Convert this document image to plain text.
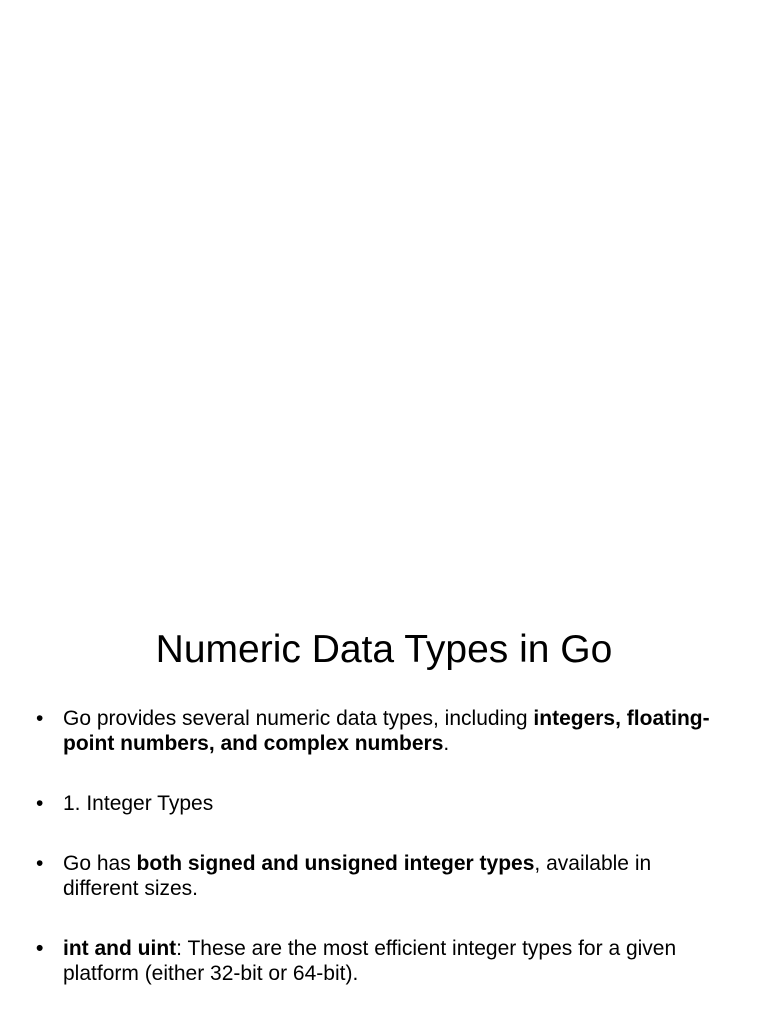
Numeric Data Types in Go
• Go provides several numeric data types, including integers, floating-point numbers, and complex numbers.
• 1. Integer Types
• Go has both signed and unsigned integer types, available in different sizes.
• int and uint: These are the most efficient integer types for a given platform (either 32-bit or 64-bit).
